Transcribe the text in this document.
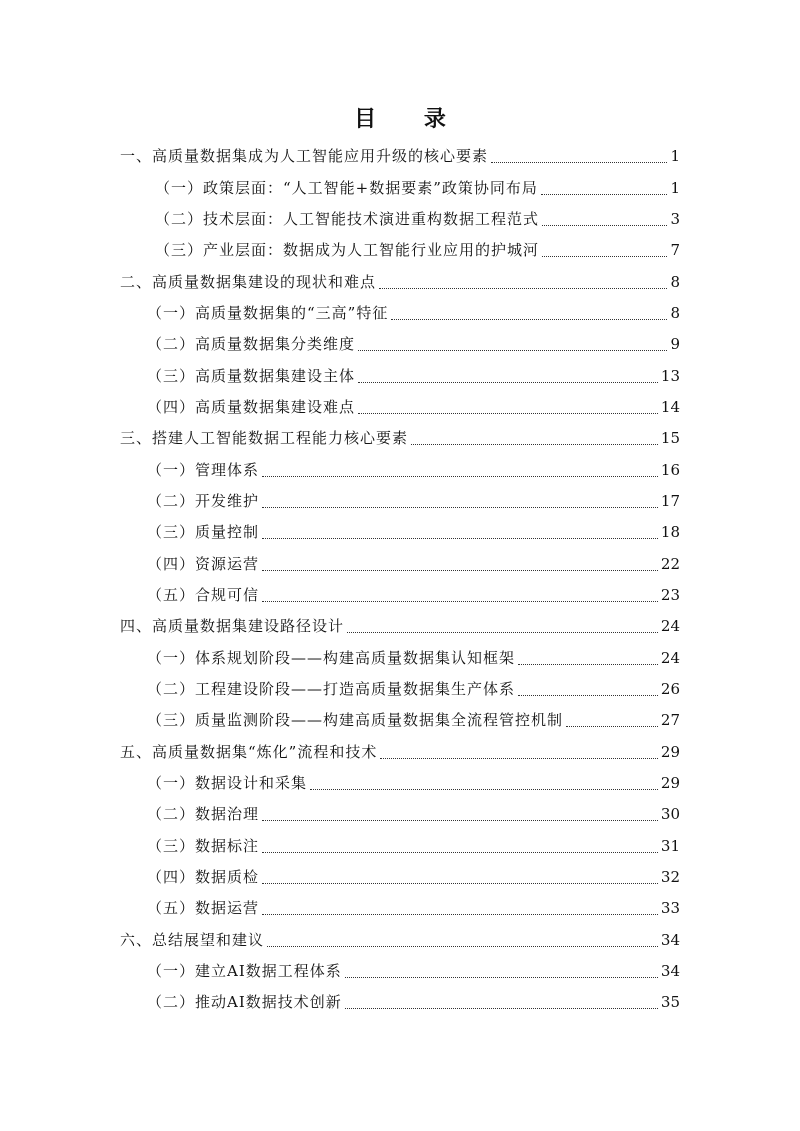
目 录
一、高质量数据集成为人工智能应用升级的核心要素	1
（一）政策层面：“人工智能+数据要素”政策协同布局	1
（二）技术层面：人工智能技术演进重构数据工程范式	3
（三）产业层面：数据成为人工智能行业应用的护城河	7
二、高质量数据集建设的现状和难点	8
（一）高质量数据集的“三高”特征	8
（二）高质量数据集分类维度	9
（三）高质量数据集建设主体	13
（四）高质量数据集建设难点	14
三、搭建人工智能数据工程能力核心要素	15
（一）管理体系	16
（二）开发维护	17
（三）质量控制	18
（四）资源运营	22
（五）合规可信	23
四、高质量数据集建设路径设计	24
（一）体系规划阶段——构建高质量数据集认知框架	24
（二）工程建设阶段——打造高质量数据集生产体系	26
（三）质量监测阶段——构建高质量数据集全流程管控机制	27
五、高质量数据集“炼化”流程和技术	29
（一）数据设计和采集	29
（二）数据治理	30
（三）数据标注	31
（四）数据质检	32
（五）数据运营	33
六、总结展望和建议	34
（一）建立AI数据工程体系	34
（二）推动AI数据技术创新	35
